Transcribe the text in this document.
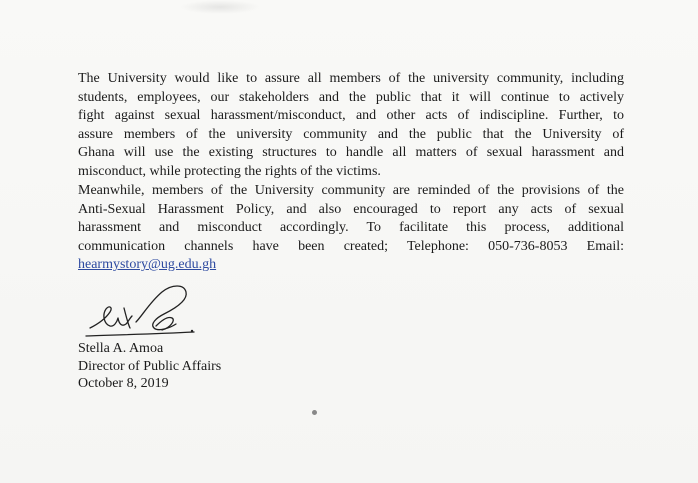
The University would like to assure all members of the university community, including
students, employees, our stakeholders and the public that it will continue to actively
fight against sexual harassment/misconduct, and other acts of indiscipline. Further, to
assure members of the university community and the public that the University of
Ghana will use the existing structures to handle all matters of sexual harassment and
misconduct, while protecting the rights of the victims.

Meanwhile, members of the University community are reminded of the provisions of the
Anti-Sexual Harassment Policy, and also encouraged to report any acts of sexual
harassment and misconduct accordingly. To facilitate this process, additional
communication channels have been created; Telephone: 050-736-8053 Email:
hearmystory@ug.edu.gh

Stella A. Amoa
Director of Public Affairs
October 8, 2019
